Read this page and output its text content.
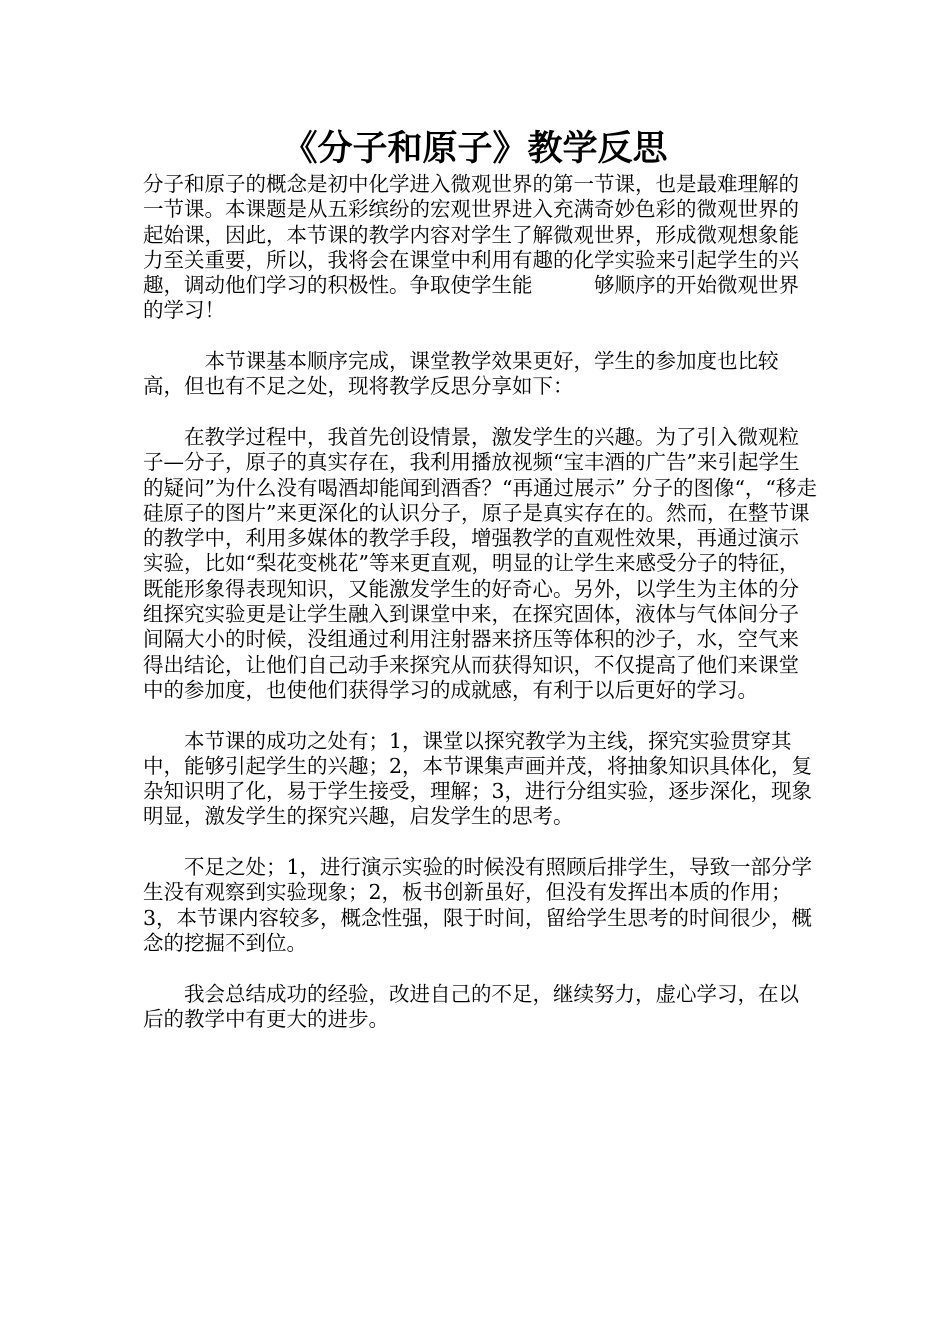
《分子和原子》教学反思

分子和原子的概念是初中化学进入微观世界的第一节课，也是最难理解的一节课。本课题是从五彩缤纷的宏观世界进入充满奇妙色彩的微观世界的起始课，因此，本节课的教学内容对学生了解微观世界，形成微观想象能力至关重要，所以，我将会在课堂中利用有趣的化学实验来引起学生的兴趣，调动他们学习的积极性。争取使学生能　　　够顺序的开始微观世界的学习！

　　　本节课基本顺序完成，课堂教学效果更好，学生的参加度也比较高，但也有不足之处，现将教学反思分享如下：

　　在教学过程中，我首先创设情景，激发学生的兴趣。为了引入微观粒子—分子，原子的真实存在，我利用播放视频“宝丰酒的广告”来引起学生的疑问”为什么没有喝酒却能闻到酒香？“再通过展示” 分子的图像“，“移走硅原子的图片”来更深化的认识分子，原子是真实存在的。然而，在整节课的教学中，利用多媒体的教学手段，增强教学的直观性效果，再通过演示实验，比如“梨花变桃花”等来更直观，明显的让学生来感受分子的特征，既能形象得表现知识，又能激发学生的好奇心。另外，以学生为主体的分组探究实验更是让学生融入到课堂中来，在探究固体，液体与气体间分子间隔大小的时候，没组通过利用注射器来挤压等体积的沙子，水，空气来得出结论，让他们自己动手来探究从而获得知识，不仅提高了他们来课堂中的参加度，也使他们获得学习的成就感，有利于以后更好的学习。

　　本节课的成功之处有；1，课堂以探究教学为主线，探究实验贯穿其中，能够引起学生的兴趣；2，本节课集声画并茂，将抽象知识具体化，复杂知识明了化，易于学生接受，理解；3，进行分组实验，逐步深化，现象明显，激发学生的探究兴趣，启发学生的思考。

　　不足之处；1，进行演示实验的时候没有照顾后排学生，导致一部分学生没有观察到实验现象；2，板书创新虽好，但没有发挥出本质的作用；3，本节课内容较多，概念性强，限于时间，留给学生思考的时间很少，概念的挖掘不到位。

　　我会总结成功的经验，改进自己的不足，继续努力，虚心学习，在以后的教学中有更大的进步。
